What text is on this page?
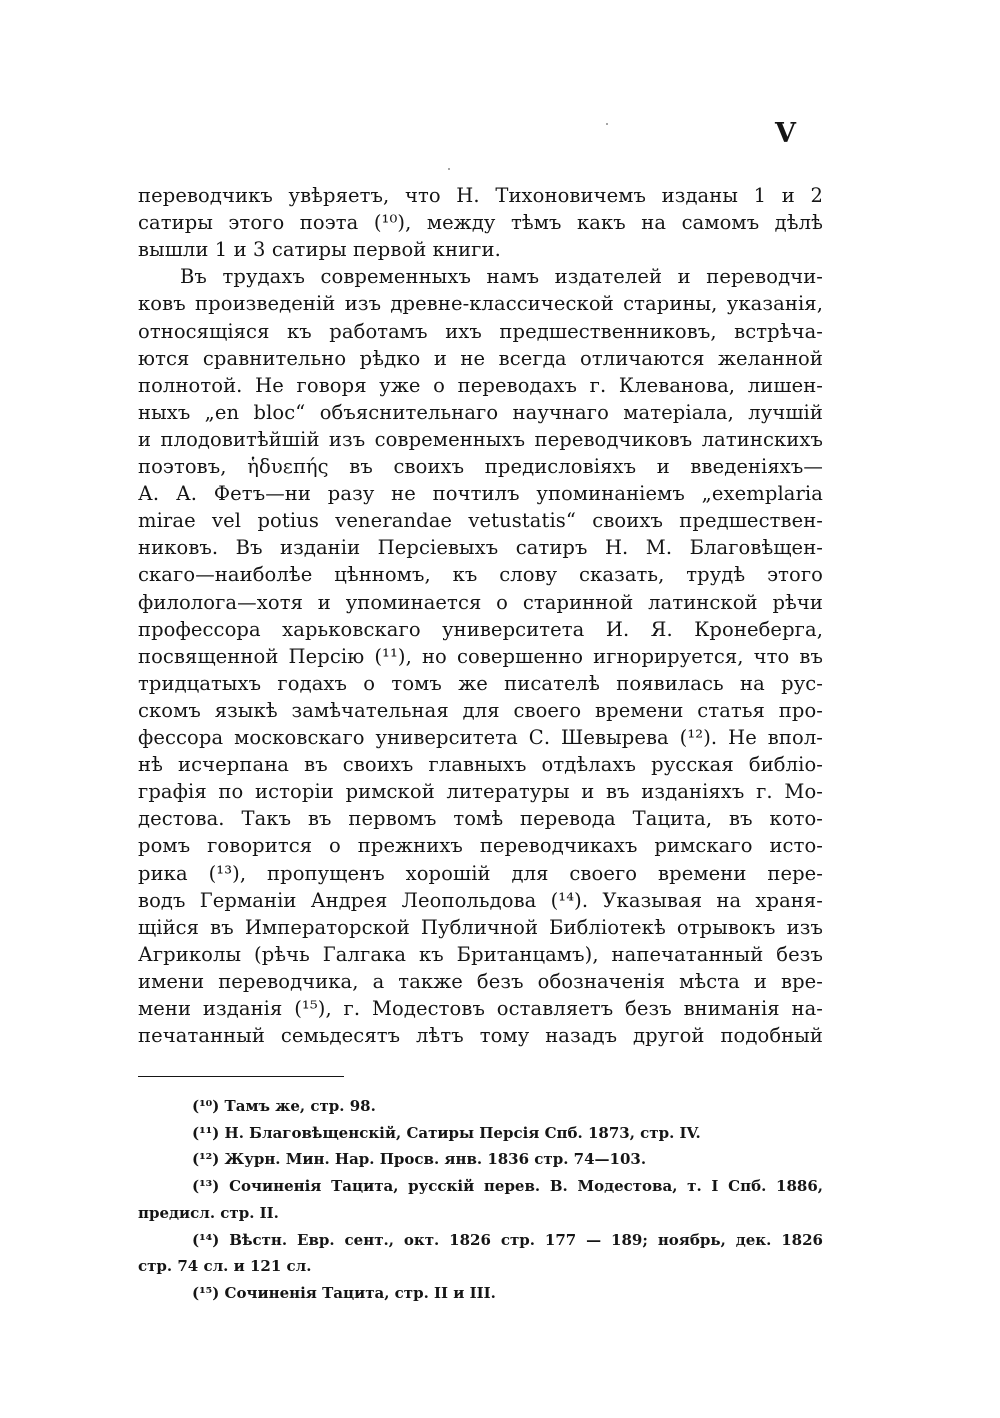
V
переводчикъ увѣряетъ, что Н. Тихоновичемъ изданы 1 и 2
сатиры этого поэта (¹⁰), между тѣмъ какъ на самомъ дѣлѣ
вышли 1 и 3 сатиры первой книги.
Въ трудахъ современныхъ намъ издателей и переводчи-
ковъ произведеній изъ древне-классической старины, указанія,
относящіяся къ работамъ ихъ предшественниковъ, встрѣча-
ются сравнительно рѣдко и не всегда отличаются желанной
полнотой. Не говоря уже о переводахъ г. Клеванова, лишен-
ныхъ „en bloc“ объяснительнаго научнаго матеріала, лучшій
и плодовитѣйшій изъ современныхъ переводчиковъ латинскихъ
поэтовъ, ἡδυεπής въ своихъ предисловіяхъ и введеніяхъ—
А. А. Фетъ—ни разу не почтилъ упоминаніемъ „exemplaria
mirae vel potius venerandae vetustatis“ своихъ предшествен-
никовъ. Въ изданіи Персіевыхъ сатиръ Н. М. Благовѣщен-
скаго—наиболѣе цѣнномъ, къ слову сказать, трудѣ этого
филолога—хотя и упоминается о старинной латинской рѣчи
профессора харьковскаго университета И. Я. Кронеберга,
посвященной Персію (¹¹), но совершенно игнорируется, что въ
тридцатыхъ годахъ о томъ же писателѣ появилась на рус-
скомъ языкѣ замѣчательная для своего времени статья про-
фессора московскаго университета С. Шевырева (¹²). Не впол-
нѣ исчерпана въ своихъ главныхъ отдѣлахъ русская библіо-
графія по исторіи римской литературы и въ изданіяхъ г. Мо-
дестова. Такъ въ первомъ томѣ перевода Тацита, въ кото-
ромъ говорится о прежнихъ переводчикахъ римскаго исто-
рика (¹³), пропущенъ хорошій для своего времени пере-
водъ Германіи Андрея Леопольдова (¹⁴). Указывая на храня-
щійся въ Императорской Публичной Библіотекѣ отрывокъ изъ
Агриколы (рѣчь Галгака къ Британцамъ), напечатанный безъ
имени переводчика, а также безъ обозначенія мѣста и вре-
мени изданія (¹⁵), г. Модестовъ оставляетъ безъ вниманія на-
печатанный семьдесятъ лѣтъ тому назадъ другой подобный
(¹⁰) Тамъ же, стр. 98.
(¹¹) Н. Благовѣщенскій, Сатиры Персія Спб. 1873, стр. IV.
(¹²) Журн. Мин. Нар. Просв. янв. 1836 стр. 74—103.
(¹³) Сочиненія Тацита, русскій перев. В. Модестова, т. I Спб. 1886,
предисл. стр. II.
(¹⁴) Вѣстн. Евр. сент., окт. 1826 стр. 177 — 189; ноябрь, дек. 1826
стр. 74 сл. и 121 сл.
(¹⁵) Сочиненія Тацита, стр. II и III.
